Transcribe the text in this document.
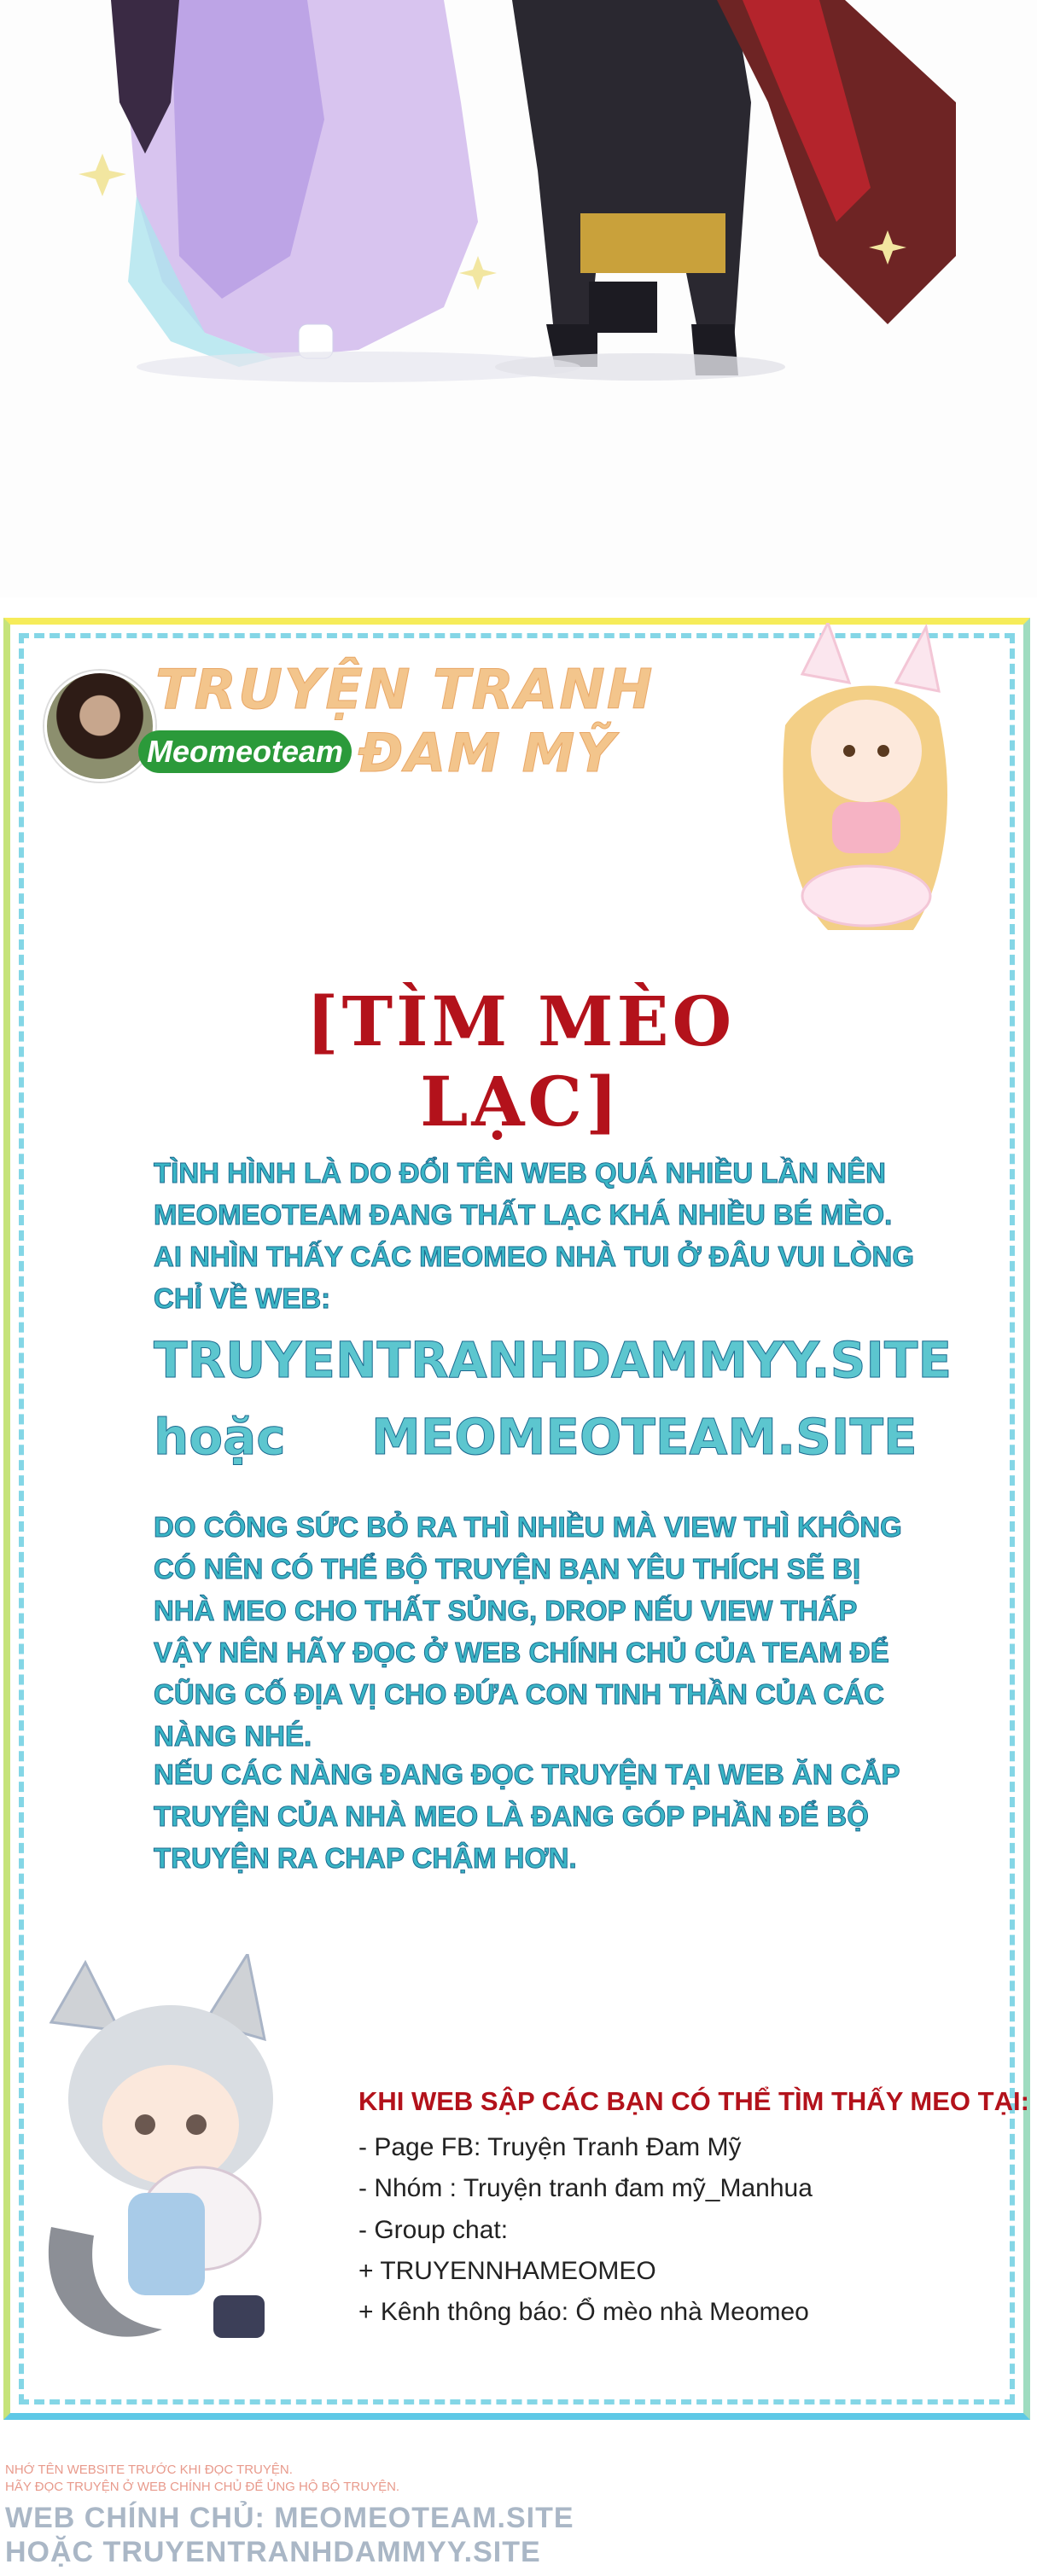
TRUYỆN TRANH
Meomeoteam ĐAM MỸ
[TÌM MÈO LẠC]

TÌNH HÌNH LÀ DO ĐỔI TÊN WEB QUÁ NHIỀU LẦN NÊN MEOMEOTEAM ĐANG THẤT LẠC KHÁ NHIỀU BÉ MÈO. AI NHÌN THẤY CÁC MEOMEO NHÀ TUI Ở ĐÂU VUI LÒNG CHỈ VỀ WEB:

TRUYENTRANHDAMMYY.SITE
hoặc MEOMEOTEAM.SITE

DO CÔNG SỨC BỎ RA THÌ NHIỀU MÀ VIEW THÌ KHÔNG CÓ NÊN CÓ THỂ BỘ TRUYỆN BẠN YÊU THÍCH SẼ BỊ NHÀ MEO CHO THẤT SỦNG, DROP NẾU VIEW THẤP VẬY NÊN HÃY ĐỌC Ở WEB CHÍNH CHỦ CỦA TEAM ĐỂ CŨNG CỐ ĐỊA VỊ CHO ĐỨA CON TINH THẦN CỦA CÁC NÀNG NHÉ.

NẾU CÁC NÀNG ĐANG ĐỌC TRUYỆN TẠI WEB ĂN CẮP TRUYỆN CỦA NHÀ MEO LÀ ĐANG GÓP PHẦN ĐỂ BỘ TRUYỆN RA CHAP CHẬM HƠN.

KHI WEB SẬP CÁC BẠN CÓ THỂ TÌM THẤY MEO TẠI:
- Page FB: Truyện Tranh Đam Mỹ
- Nhóm : Truyện tranh đam mỹ_Manhua
- Group chat:
+ TRUYENNHAMEOMEO
+ Kênh thông báo: Ổ mèo nhà Meomeo
NHỚ TÊN WEBSITE TRƯỚC KHI ĐỌC TRUYỆN.
HÃY ĐỌC TRUYỆN Ở WEB CHÍNH CHỦ ĐỂ ỦNG HỘ BỘ TRUYỆN.
WEB CHÍNH CHỦ: MEOMEOTEAM.SITE
HOẶC TRUYENTRANHDAMMYY.SITE
